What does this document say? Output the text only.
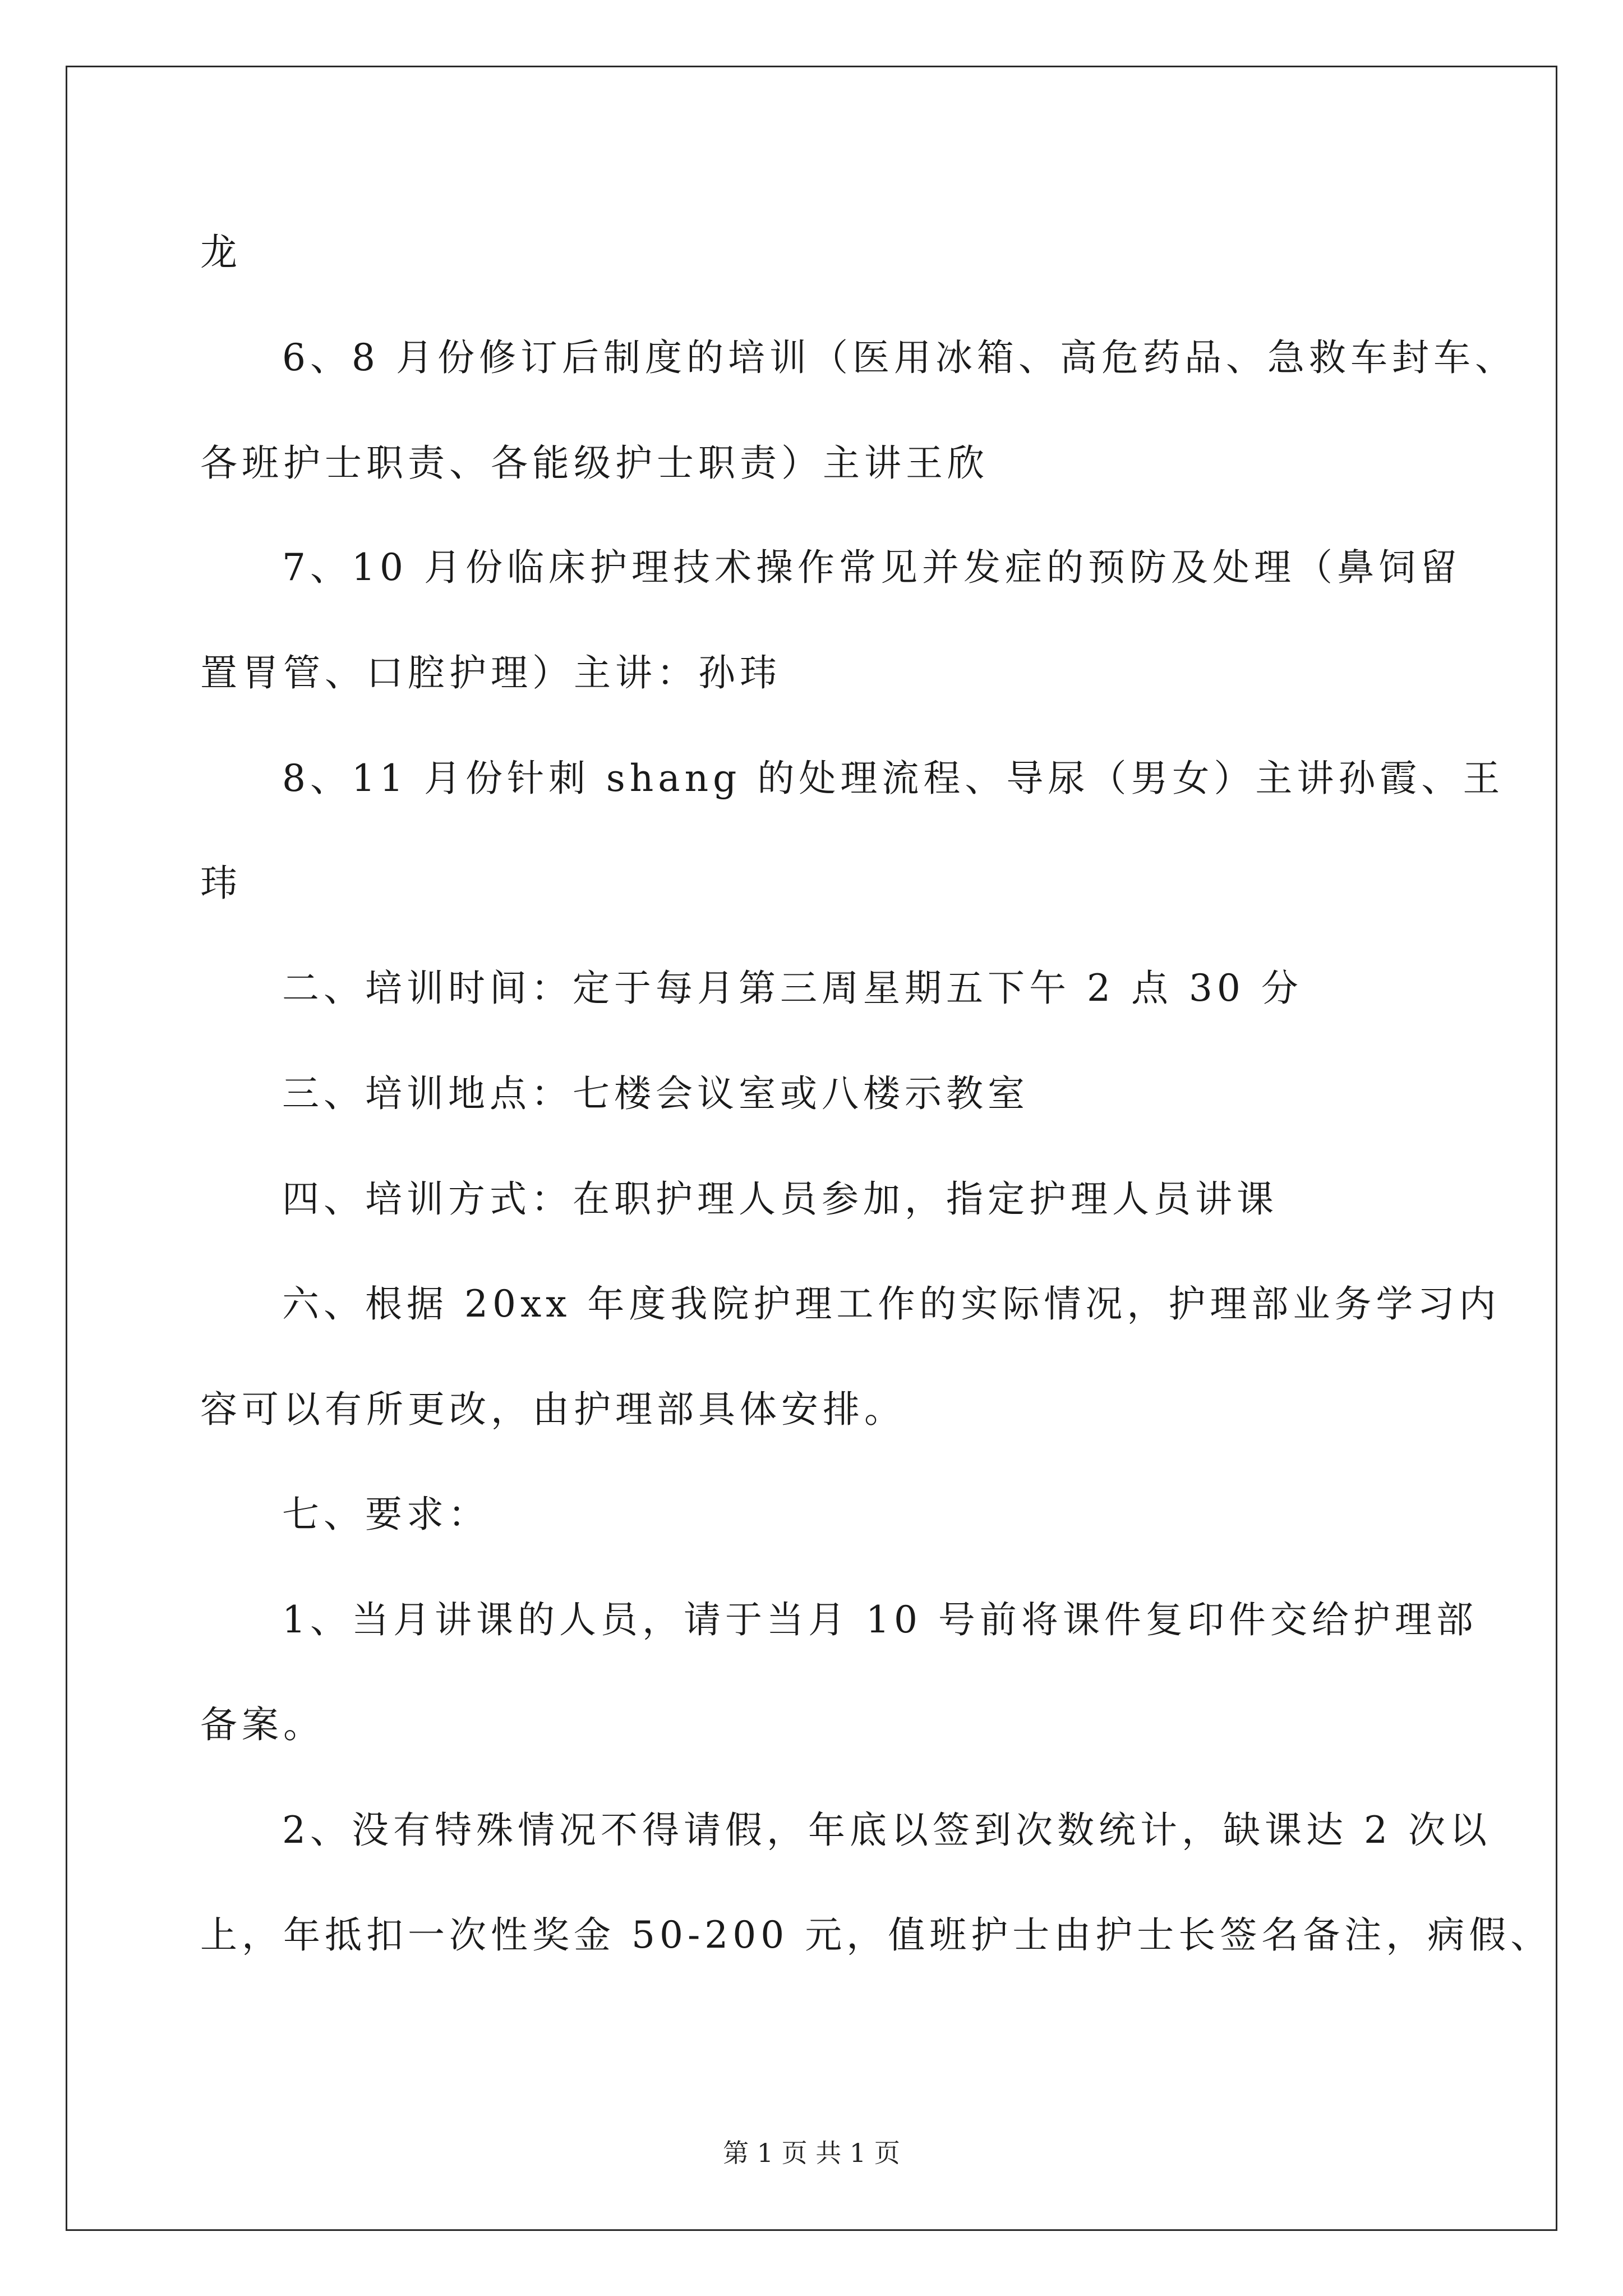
龙
6、8 月份修订后制度的培训（医用冰箱、高危药品、急救车封车、
各班护士职责、各能级护士职责）主讲王欣
7、10 月份临床护理技术操作常见并发症的预防及处理（鼻饲留
置胃管、口腔护理）主讲：孙玮
8、11 月份针刺 shang 的处理流程、导尿（男女）主讲孙霞、王
玮
二、培训时间：定于每月第三周星期五下午 2 点 30 分
三、培训地点：七楼会议室或八楼示教室
四、培训方式：在职护理人员参加，指定护理人员讲课
六、根据 20xx 年度我院护理工作的实际情况，护理部业务学习内
容可以有所更改，由护理部具体安排。
七、要求：
1、当月讲课的人员，请于当月 10 号前将课件复印件交给护理部
备案。
2、没有特殊情况不得请假，年底以签到次数统计，缺课达 2 次以
上，年抵扣一次性奖金 50-200 元，值班护士由护士长签名备注，病假、
第 1 页 共 1 页
